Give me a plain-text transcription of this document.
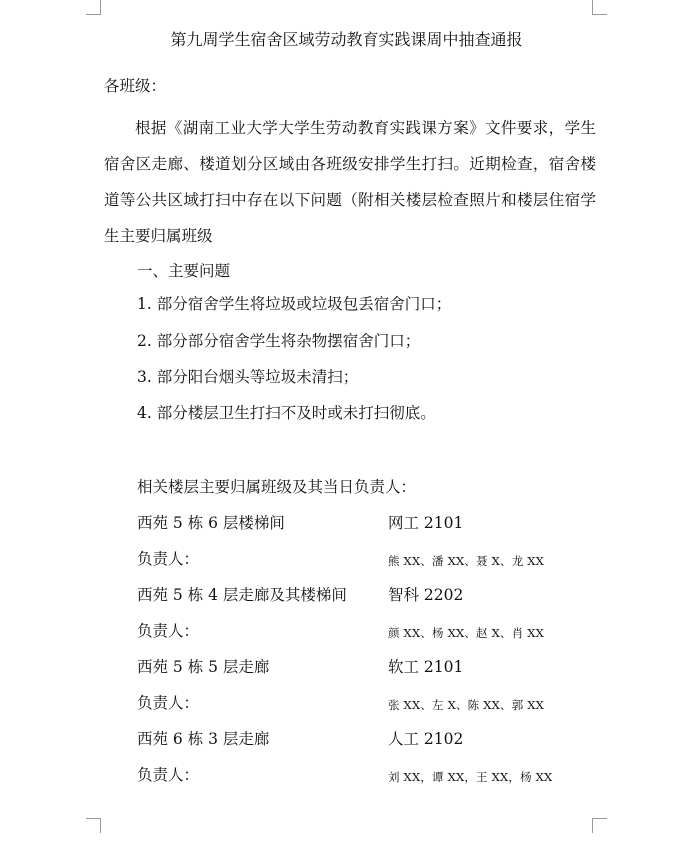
第九周学生宿舍区域劳动教育实践课周中抽查通报
各班级：
根据《湖南工业大学大学生劳动教育实践课方案》文件要求，学生宿舍区走廊、楼道划分区域由各班级安排学生打扫。近期检查，宿舍楼道等公共区域打扫中存在以下问题（附相关楼层检查照片和楼层住宿学生主要归属班级
一、主要问题
1. 部分宿舍学生将垃圾或垃圾包丢宿舍门口；
2. 部分部分宿舍学生将杂物摆宿舍门口；
3. 部分阳台烟头等垃圾未清扫；
4. 部分楼层卫生打扫不及时或未打扫彻底。
相关楼层主要归属班级及其当日负责人：
西苑 5 栋 6 层楼梯间	网工 2101
负责人：	熊 XX、潘 XX、聂 X、龙 XX
西苑 5 栋 4 层走廊及其楼梯间	智科 2202
负责人：	颜 XX、杨 XX、赵 X、肖 XX
西苑 5 栋 5 层走廊	软工 2101
负责人：	张 XX、左 X、陈 XX、郭 XX
西苑 6 栋 3 层走廊	人工 2102
负责人：	刘 XX，谭 XX，王 XX，杨 XX
